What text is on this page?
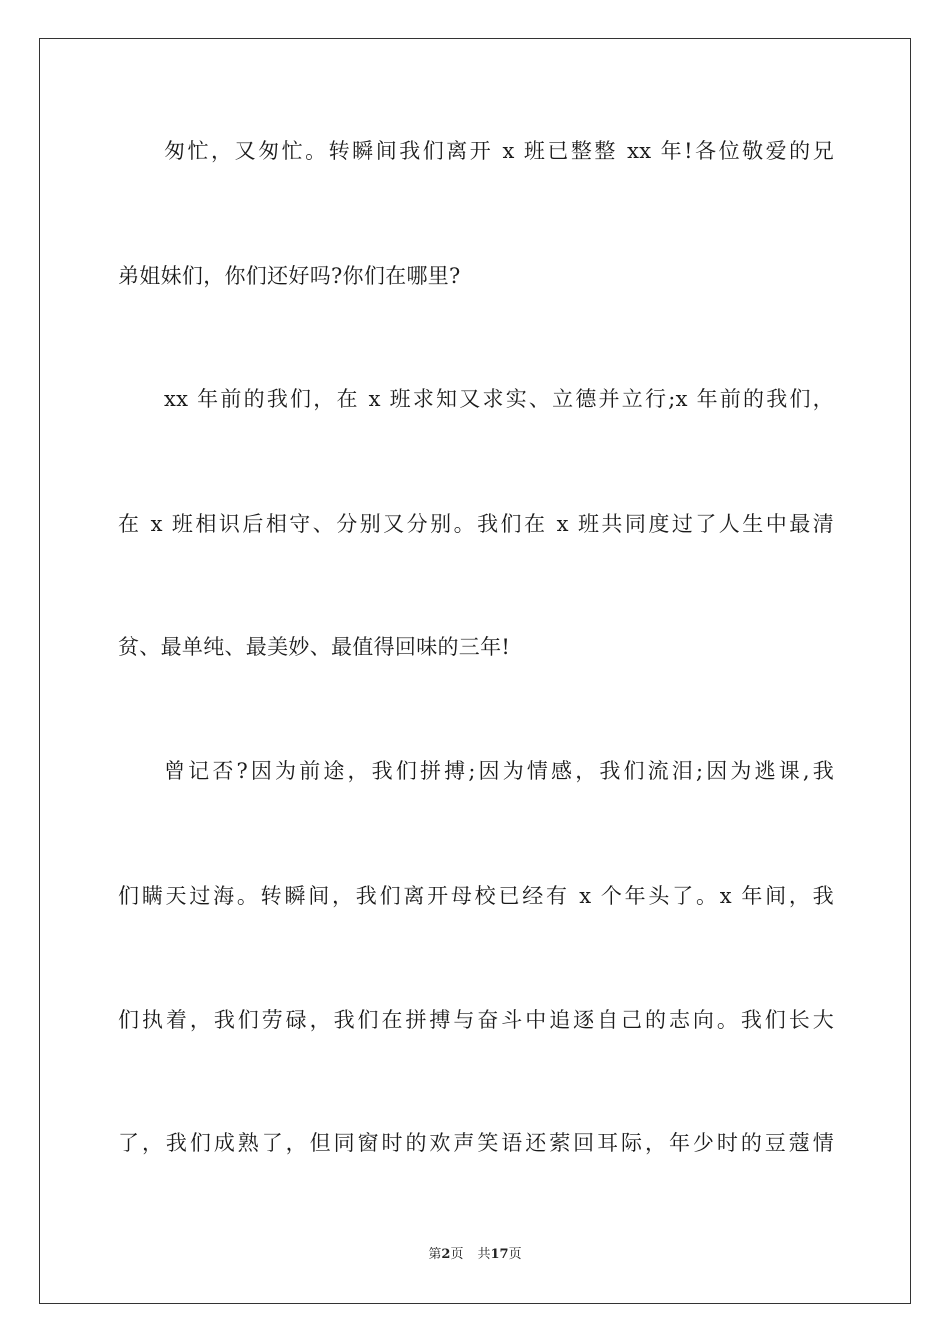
匆忙，又匆忙。转瞬间我们离开 x 班已整整 xx 年!各位敬爱的兄
弟姐妹们，你们还好吗?你们在哪里?
xx 年前的我们，在 x 班求知又求实、立德并立行;x 年前的我们，
在 x 班相识后相守、分别又分别。我们在 x 班共同度过了人生中最清
贫、最单纯、最美妙、最值得回味的三年!
曾记否?因为前途，我们拼搏;因为情感，我们流泪;因为逃课,我
们瞒天过海。转瞬间，我们离开母校已经有 x 个年头了。x 年间，我
们执着，我们劳碌，我们在拼搏与奋斗中追逐自己的志向。我们长大
了，我们成熟了，但同窗时的欢声笑语还萦回耳际，年少时的豆蔻情
第2页 共17页
